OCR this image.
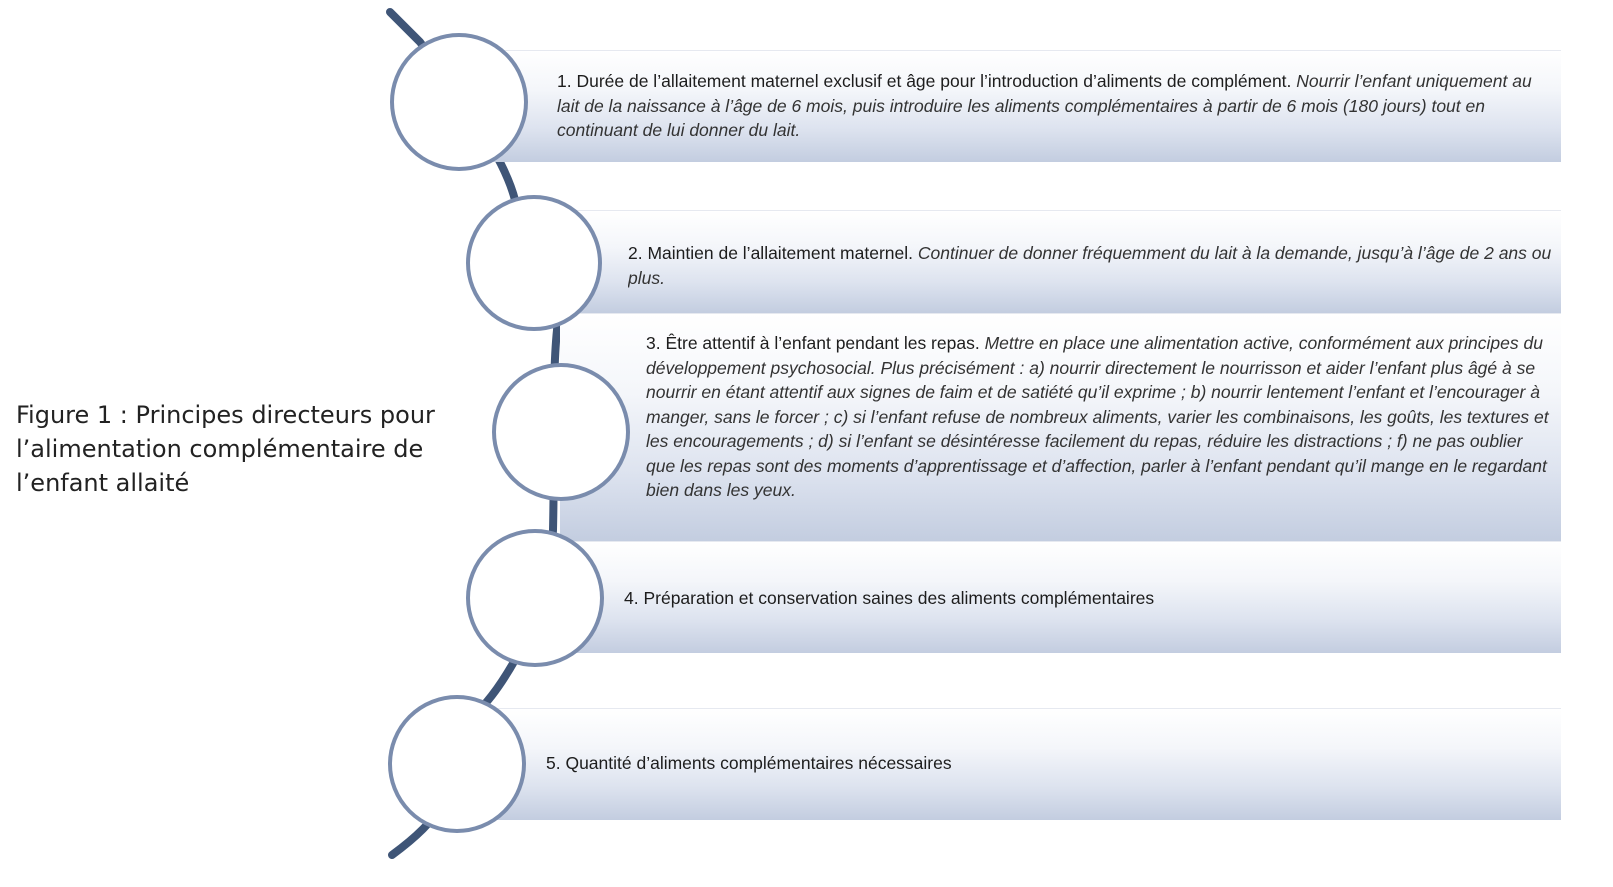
1. Durée de l’allaitement maternel exclusif et âge pour l’introduction d’aliments de complément. Nourrir l’enfant uniquement au lait de la naissance à l’âge de 6 mois, puis introduire les aliments complémentaires à partir de 6 mois (180 jours) tout en continuant de lui donner du lait.
2. Maintien de l’allaitement maternel. Continuer de donner fréquemment du lait à la demande, jusqu’à l’âge de 2 ans ou plus.
3. Être attentif à l’enfant pendant les repas. Mettre en place une alimentation active, conformément aux principes du développement psychosocial. Plus précisément : a) nourrir directement le nourrisson et aider l’enfant plus âgé à se nourrir en étant attentif aux signes de faim et de satiété qu’il exprime ; b) nourrir lentement l’enfant et l’encourager à manger, sans le forcer ; c) si l’enfant refuse de nombreux aliments, varier les combinaisons, les goûts, les textures et les encouragements ; d) si l’enfant se désintéresse facilement du repas, réduire les distractions ; f) ne pas oublier que les repas sont des moments d’apprentissage et d’affection, parler à l’enfant pendant qu’il mange en le regardant bien dans les yeux.
4. Préparation et conservation saines des aliments complémentaires
5. Quantité d’aliments complémentaires nécessaires
Figure 1 : Principes directeurs pour l’alimentation complémentaire de l’enfant allaité
